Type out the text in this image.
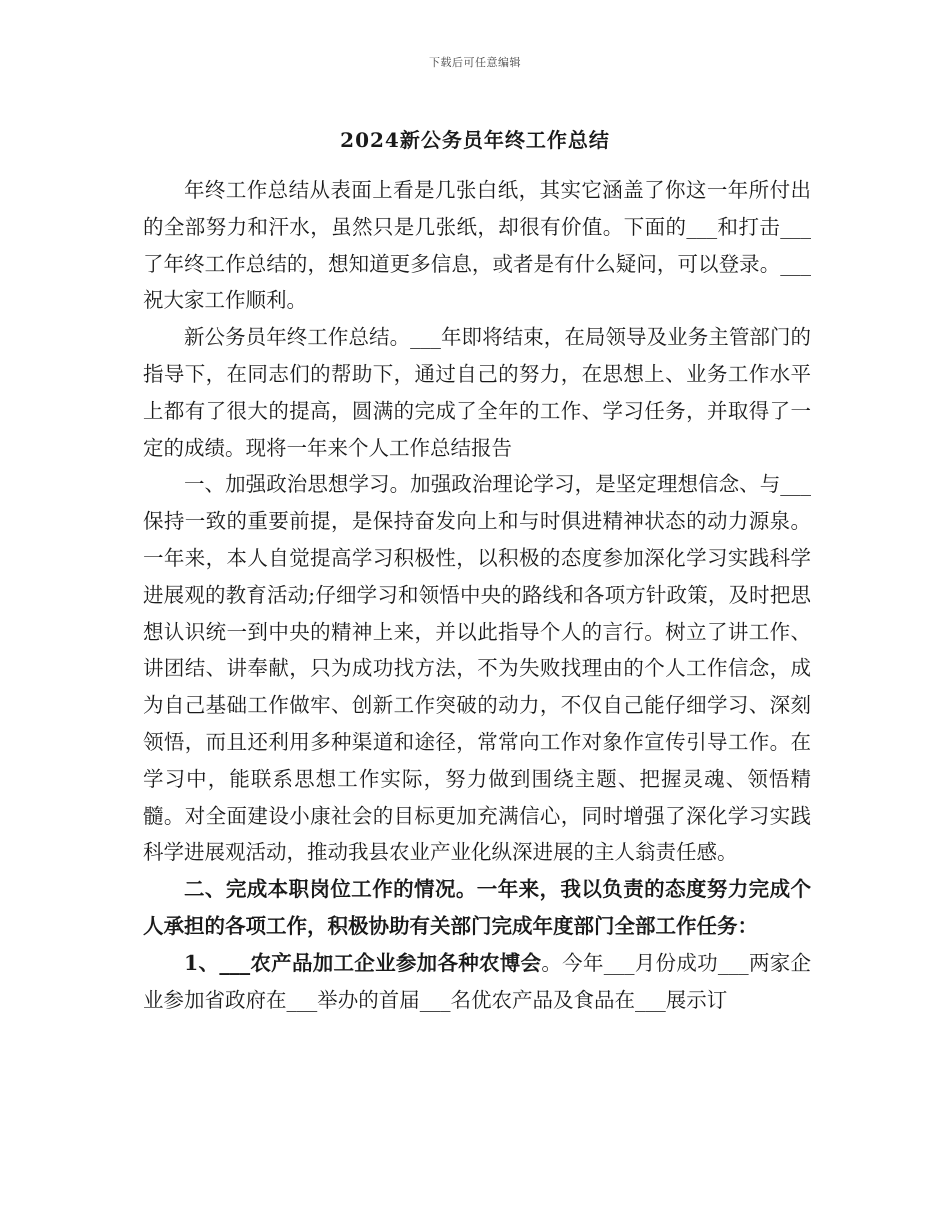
下载后可任意编辑
2024新公务员年终工作总结

年终工作总结从表面上看是几张白纸，其实它涵盖了你这一年所付出的全部努力和汗水，虽然只是几张纸，却很有价值。下面的___和打击___了年终工作总结的，想知道更多信息，或者是有什么疑问，可以登录。___祝大家工作顺利。

新公务员年终工作总结。___年即将结束，在局领导及业务主管部门的指导下，在同志们的帮助下，通过自己的努力，在思想上、业务工作水平上都有了很大的提高，圆满的完成了全年的工作、学习任务，并取得了一定的成绩。现将一年来个人工作总结报告

一、加强政治思想学习。加强政治理论学习，是坚定理想信念、与___保持一致的重要前提，是保持奋发向上和与时俱进精神状态的动力源泉。一年来，本人自觉提高学习积极性，以积极的态度参加深化学习实践科学进展观的教育活动;仔细学习和领悟中央的路线和各项方针政策，及时把思想认识统一到中央的精神上来，并以此指导个人的言行。树立了讲工作、讲团结、讲奉献，只为成功找方法，不为失败找理由的个人工作信念，成为自己基础工作做牢、创新工作突破的动力，不仅自己能仔细学习、深刻领悟，而且还利用多种渠道和途径，常常向工作对象作宣传引导工作。在学习中，能联系思想工作实际，努力做到围绕主题、把握灵魂、领悟精髓。对全面建设小康社会的目标更加充满信心，同时增强了深化学习实践科学进展观活动，推动我县农业产业化纵深进展的主人翁责任感。

二、完成本职岗位工作的情况。一年来，我以负责的态度努力完成个人承担的各项工作，积极协助有关部门完成年度部门全部工作任务：

1、___农产品加工企业参加各种农博会。今年___月份成功___两家企业参加省政府在___举办的首届___名优农产品及食品在___展示订
